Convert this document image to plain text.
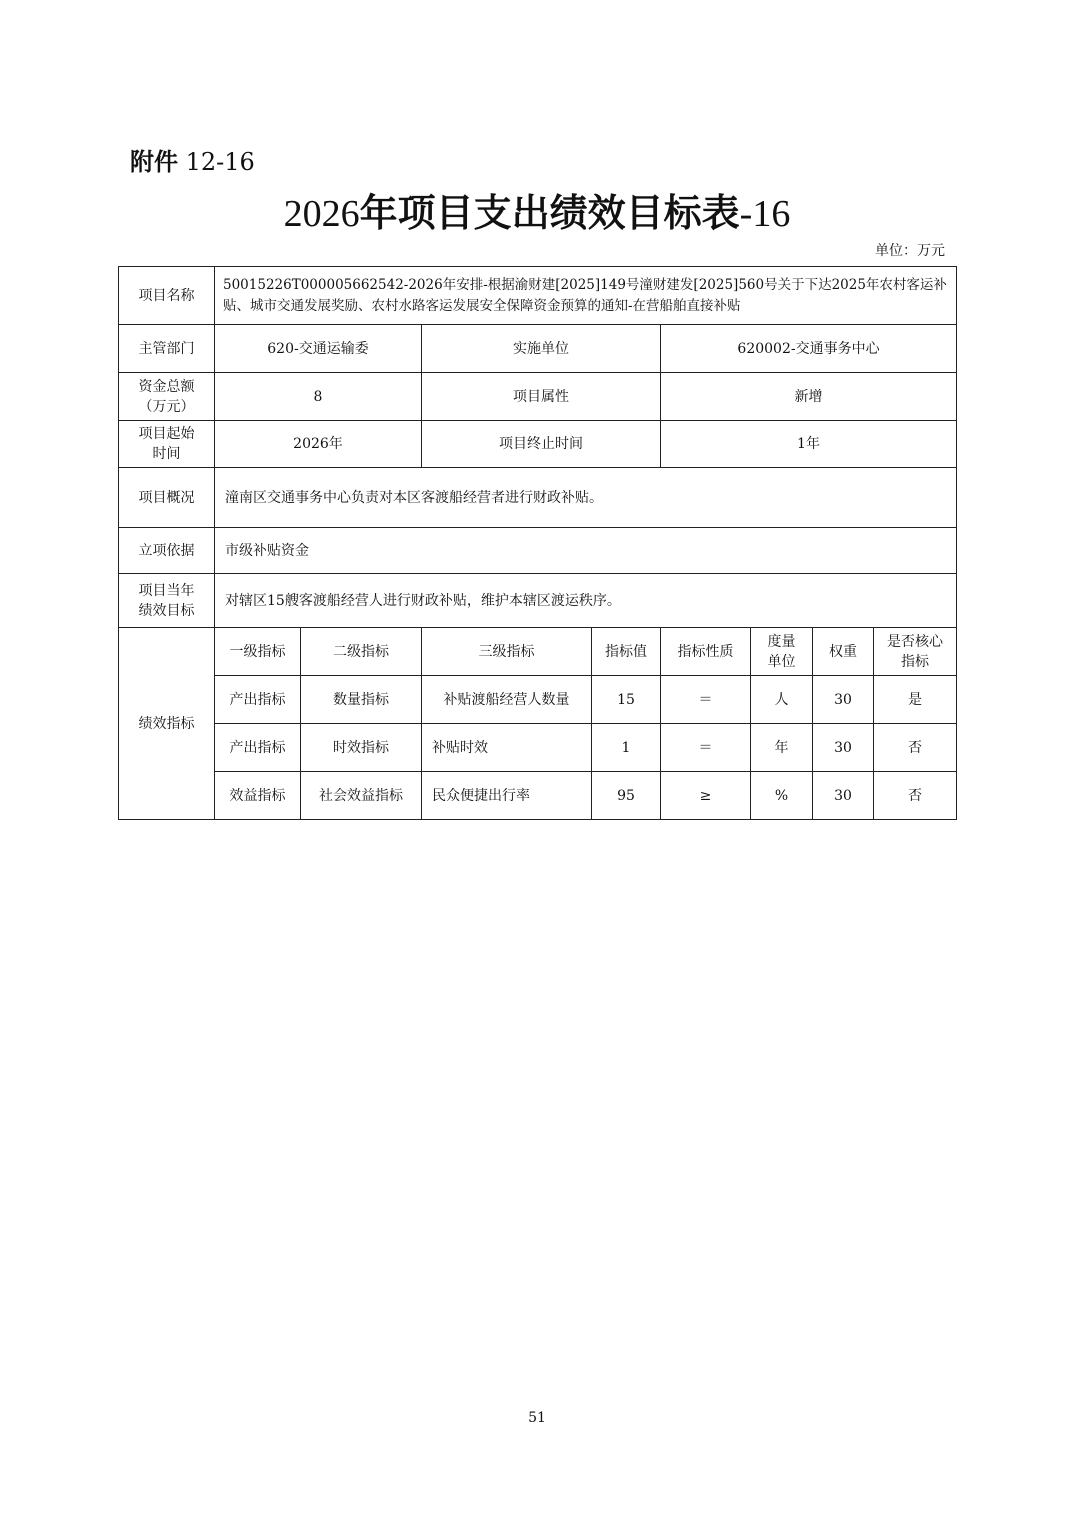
附件 12-16
2026年项目支出绩效目标表-16
单位：万元
项目名称	50015226T000005662542-2026年安排-根据渝财建[2025]149号潼财建发[2025]560号关于下达2025年农村客运补贴、城市交通发展奖励、农村水路客运发展安全保障资金预算的通知-在营船舶直接补贴							
主管部门	620-交通运输委		实施单位		620002-交通事务中心			
资金总额（万元）	8		项目属性		新增			
项目起始时间	2026年		项目终止时间		1年			
项目概况	潼南区交通事务中心负责对本区客渡船经营者进行财政补贴。							
立项依据	市级补贴资金							
项目当年绩效目标	对辖区15艘客渡船经营人进行财政补贴，维护本辖区渡运秩序。							
绩效指标	一级指标	二级指标	三级指标	指标值	指标性质	度量单位	权重	是否核心指标
	产出指标	数量指标	补贴渡船经营人数量	15	＝	人	30	是
	产出指标	时效指标	补贴时效	1	＝	年	30	否
	效益指标	社会效益指标	民众便捷出行率	95	≥	%	30	否
51
